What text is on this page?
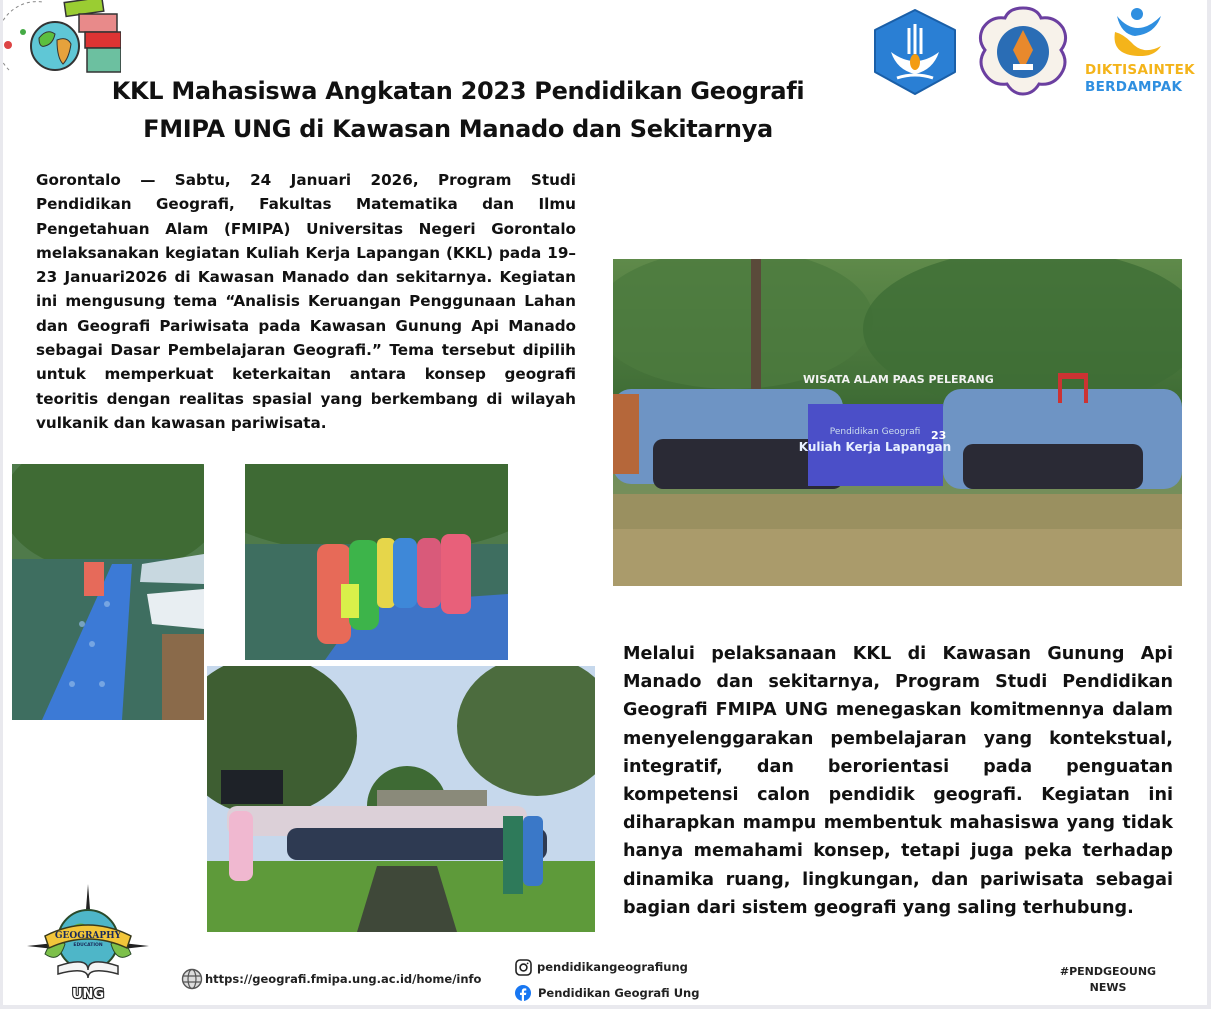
DIKTISAINTEK
BERDAMPAK
KKL Mahasiswa Angkatan 2023 Pendidikan Geografi
FMIPA UNG di Kawasan Manado dan Sekitarnya
Gorontalo — Sabtu, 24 Januari 2026, Program Studi Pendidikan Geografi, Fakultas Matematika dan Ilmu Pengetahuan Alam (FMIPA) Universitas Negeri Gorontalo melaksanakan kegiatan Kuliah Kerja Lapangan (KKL) pada 19–23 Januari2026 di Kawasan Manado dan sekitarnya. Kegiatan ini mengusung tema “Analisis Keruangan Penggunaan Lahan dan Geografi Pariwisata pada Kawasan Gunung Api Manado sebagai Dasar Pembelajaran Geografi.” Tema tersebut dipilih untuk memperkuat keterkaitan antara konsep geografi teoritis dengan realitas spasial yang berkembang di wilayah vulkanik dan kawasan pariwisata.
Pendidikan Geografi
Kuliah Kerja Lapangan
23
WISATA ALAM PAAS PELERANG
Melalui pelaksanaan KKL di Kawasan Gunung Api Manado dan sekitarnya, Program Studi Pendidikan Geografi FMIPA UNG menegaskan komitmennya dalam menyelenggarakan pembelajaran yang kontekstual, integratif, dan berorientasi pada penguatan kompetensi calon pendidik geografi. Kegiatan ini diharapkan mampu membentuk mahasiswa yang tidak hanya memahami konsep, tetapi juga peka terhadap dinamika ruang, lingkungan, dan pariwisata sebagai bagian dari sistem geografi yang saling terhubung.
GEOGRAPHY
EDUCATION
UNG
https://geografi.fmipa.ung.ac.id/home/info
pendidikangeografiung
Pendidikan Geografi Ung
#PENDGEOUNG
NEWS
